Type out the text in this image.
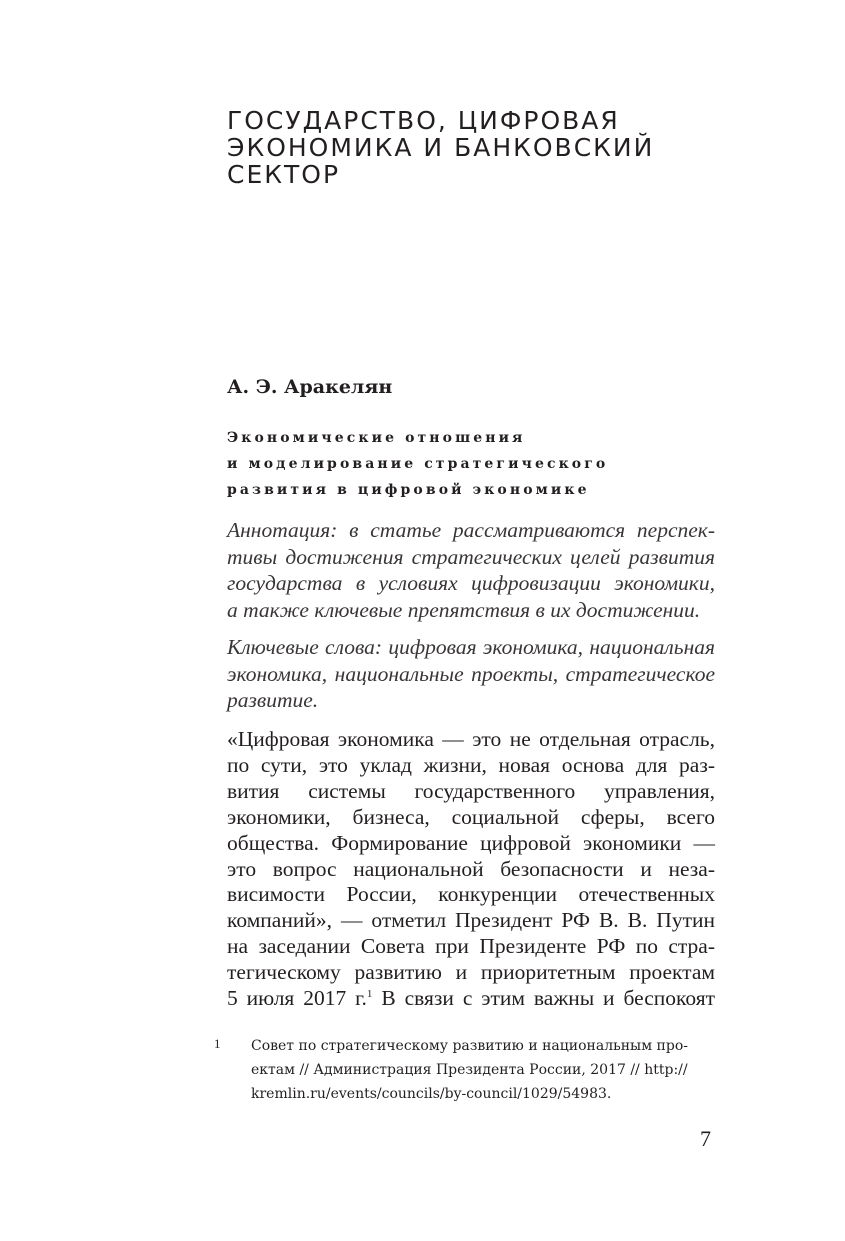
ГОСУДАРСТВО, ЦИФРОВАЯ
ЭКОНОМИКА И БАНКОВСКИЙ
СЕКТОР

А. Э. Аракелян

Экономические отношения
и моделирование стратегического
развития в цифровой экономике
Аннотация: в статье рассматриваются перспек-
тивы достижения стратегических целей развития
государства в условиях цифровизации экономики,
а также ключевые препятствия в их достижении.
Ключевые слова: цифровая экономика, национальная
экономика, национальные проекты, стратегическое
развитие.
«Цифровая экономика — это не отдельная отрасль,
по сути, это уклад жизни, новая основа для раз-
вития системы государственного управления,
экономики, бизнеса, социальной сферы, всего
общества. Формирование цифровой экономики —
это вопрос национальной безопасности и неза-
висимости России, конкуренции отечественных
компаний», — отметил Президент РФ В. В. Путин
на заседании Совета при Президенте РФ по стра-
тегическому развитию и приоритетным проектам
5 июля 2017 г.$^1$ В связи с этим важны и беспокоят
1 Совет по стратегическому развитию и национальным про-
ектам // Администрация Президента России, 2017 // http://
kremlin.ru/events/councils/by-council/1029/54983.
7
